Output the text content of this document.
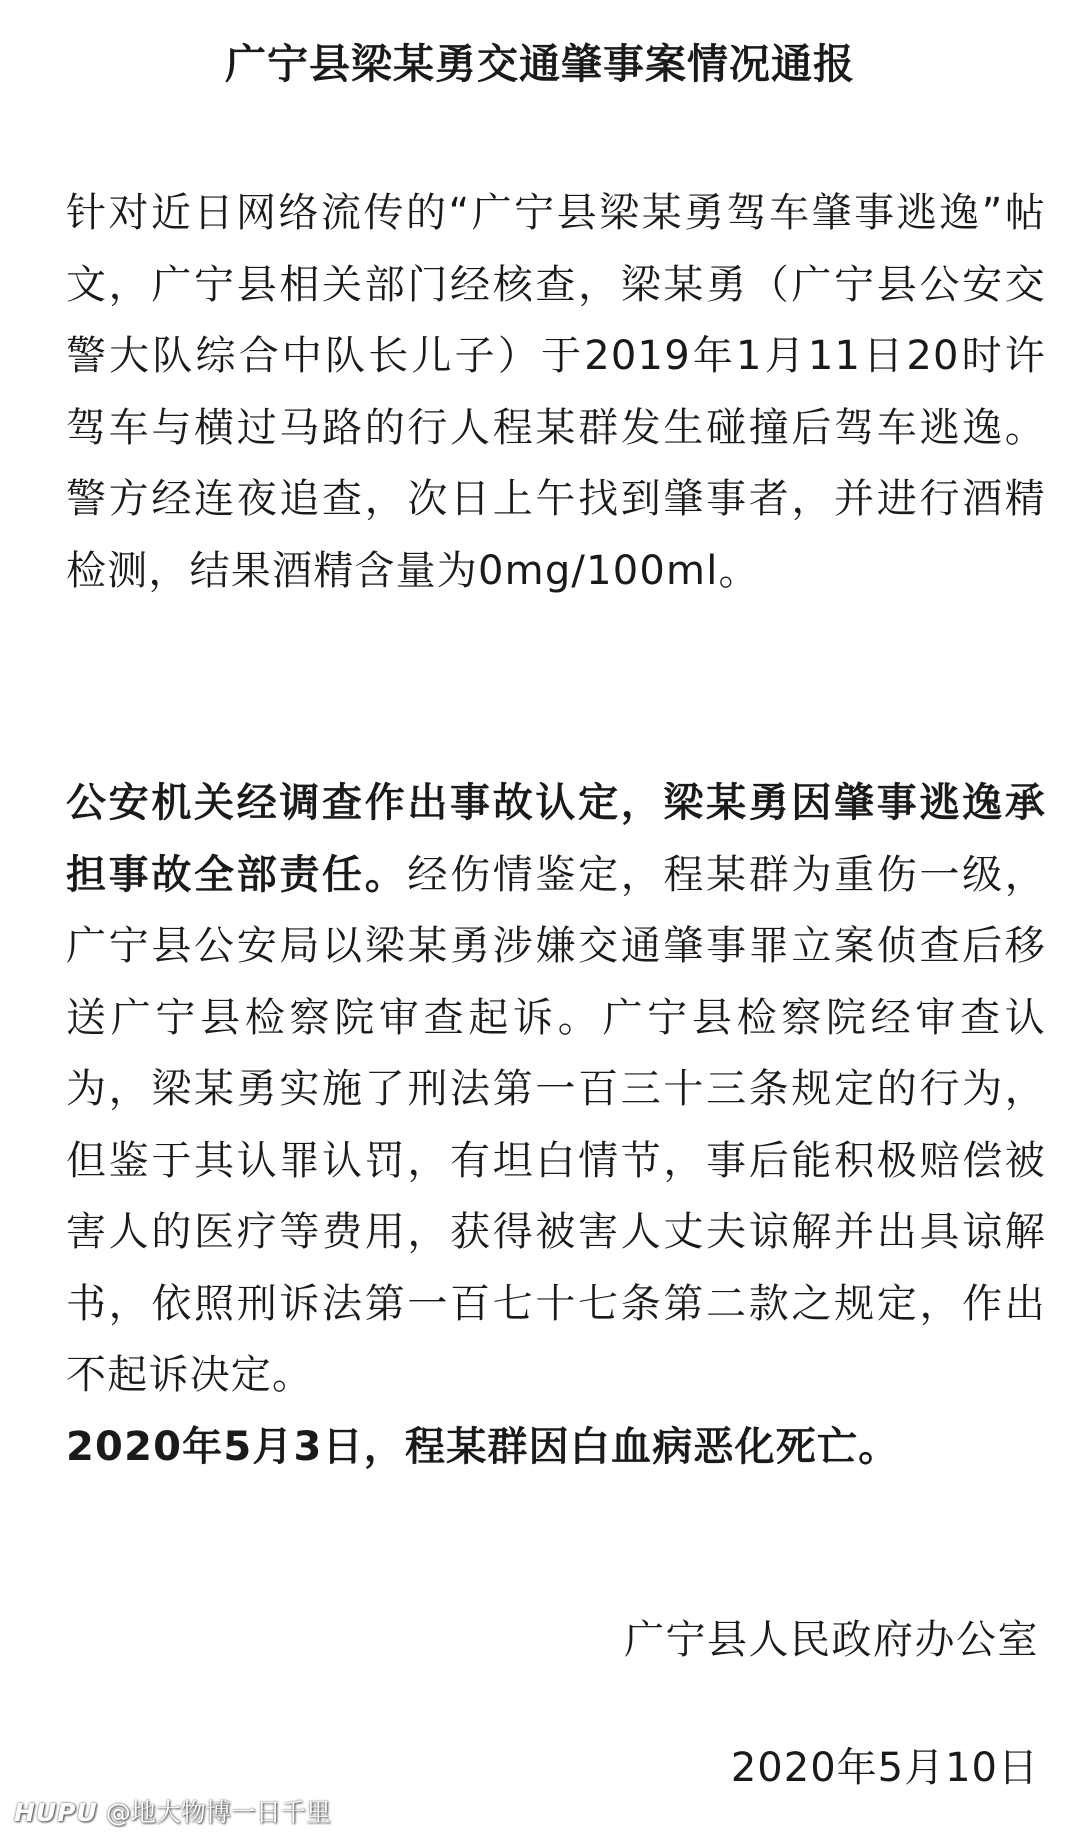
广宁县梁某勇交通肇事案情况通报

针对近日网络流传的“广宁县梁某勇驾车肇事逃逸”帖文，广宁县相关部门经核查，梁某勇（广宁县公安交警大队综合中队长儿子）于2019年1月11日20时许驾车与横过马路的行人程某群发生碰撞后驾车逃逸。警方经连夜追查，次日上午找到肇事者，并进行酒精检测，结果酒精含量为0mg/100ml。

公安机关经调查作出事故认定，梁某勇因肇事逃逸承担事故全部责任。经伤情鉴定，程某群为重伤一级，广宁县公安局以梁某勇涉嫌交通肇事罪立案侦查后移送广宁县检察院审查起诉。广宁县检察院经审查认为，梁某勇实施了刑法第一百三十三条规定的行为，但鉴于其认罪认罚，有坦白情节，事后能积极赔偿被害人的医疗等费用，获得被害人丈夫谅解并出具谅解书，依照刑诉法第一百七十七条第二款之规定，作出不起诉决定。
2020年5月3日，程某群因白血病恶化死亡。

广宁县人民政府办公室

2020年5月10日

HUPU @地大物博一日千里
